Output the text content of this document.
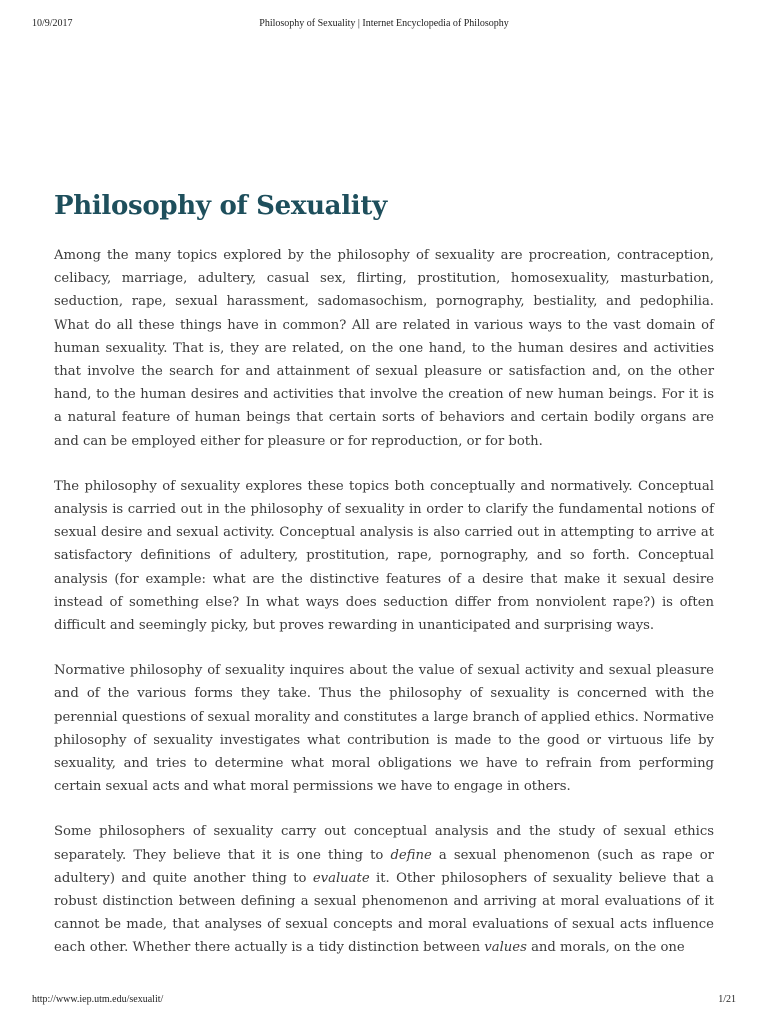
10/9/2017	Philosophy of Sexuality | Internet Encyclopedia of Philosophy
Philosophy of Sexuality

Among the many topics explored by the philosophy of sexuality are procreation, contraception, celibacy, marriage, adultery, casual sex, flirting, prostitution, homosexuality, masturbation, seduction, rape, sexual harassment, sadomasochism, pornography, bestiality, and pedophilia. What do all these things have in common? All are related in various ways to the vast domain of human sexuality. That is, they are related, on the one hand, to the human desires and activities that involve the search for and attainment of sexual pleasure or satisfaction and, on the other hand, to the human desires and activities that involve the creation of new human beings. For it is a natural feature of human beings that certain sorts of behaviors and certain bodily organs are and can be employed either for pleasure or for reproduction, or for both.

The philosophy of sexuality explores these topics both conceptually and normatively. Conceptual analysis is carried out in the philosophy of sexuality in order to clarify the fundamental notions of sexual desire and sexual activity. Conceptual analysis is also carried out in attempting to arrive at satisfactory definitions of adultery, prostitution, rape, pornography, and so forth. Conceptual analysis (for example: what are the distinctive features of a desire that make it sexual desire instead of something else? In what ways does seduction differ from nonviolent rape?) is often difficult and seemingly picky, but proves rewarding in unanticipated and surprising ways.

Normative philosophy of sexuality inquires about the value of sexual activity and sexual pleasure and of the various forms they take. Thus the philosophy of sexuality is concerned with the perennial questions of sexual morality and constitutes a large branch of applied ethics. Normative philosophy of sexuality investigates what contribution is made to the good or virtuous life by sexuality, and tries to determine what moral obligations we have to refrain from performing certain sexual acts and what moral permissions we have to engage in others.

Some philosophers of sexuality carry out conceptual analysis and the study of sexual ethics separately. They believe that it is one thing to define a sexual phenomenon (such as rape or adultery) and quite another thing to evaluate it. Other philosophers of sexuality believe that a robust distinction between defining a sexual phenomenon and arriving at moral evaluations of it cannot be made, that analyses of sexual concepts and moral evaluations of sexual acts influence each other. Whether there actually is a tidy distinction between values and morals, on the one

http://www.iep.utm.edu/sexualit/	1/21
